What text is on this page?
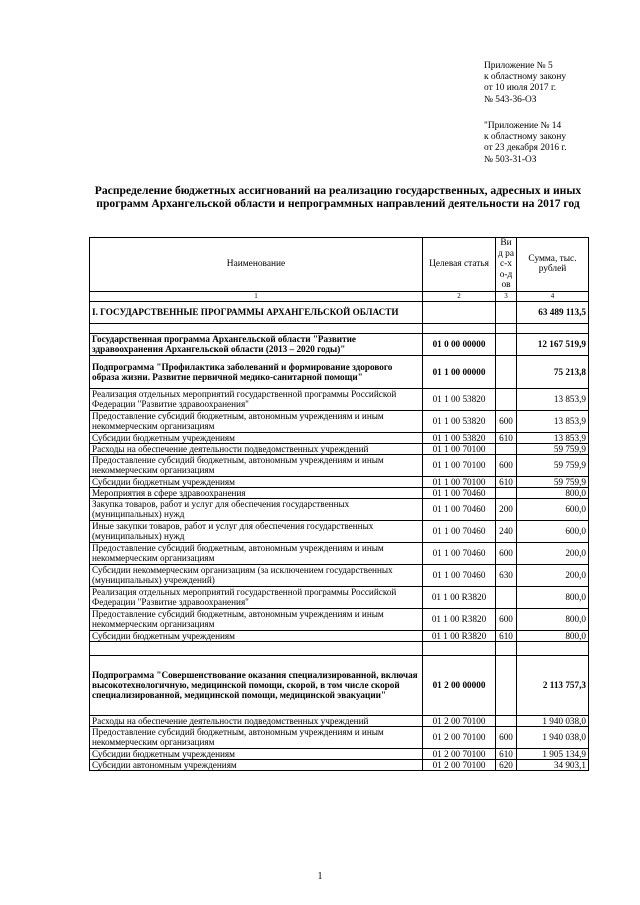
Приложение № 5
к областному закону
от 10 июля 2017 г.
№ 543-36-ОЗ
"Приложение № 14
к областному закону
от 23 декабря 2016 г.
№ 503-31-ОЗ
Распределение бюджетных ассигнований на реализацию государственных, адресных и иных программ Архангельской области и непрограммных направлений деятельности на 2017 год
Наименование	Целевая статья	Вид рас-хо-дов	Сумма, тыс. рублей
1	2	3	4
I. ГОСУДАРСТВЕННЫЕ ПРОГРАММЫ АРХАНГЕЛЬСКОЙ ОБЛАСТИ			63 489 113,5

Государственная программа Архангельской области "Развитие здравоохранения Архангельской области (2013 – 2020 годы)"	01 0 00 00000		12 167 519,9
Подпрограмма "Профилактика заболеваний и формирование здорового образа жизни. Развитие первичной медико-санитарной помощи"	01 1 00 00000		75 213,8
Реализация отдельных мероприятий государственной программы Российской Федерации "Развитие здравоохранения"	01 1 00 53820		13 853,9
Предоставление субсидий бюджетным, автономным учреждениям и иным некоммерческим организациям	01 1 00 53820	600	13 853,9
Субсидии бюджетным учреждениям	01 1 00 53820	610	13 853,9
Расходы на обеспечение деятельности подведомственных учреждений	01 1 00 70100		59 759,9
Предоставление субсидий бюджетным, автономным учреждениям и иным некоммерческим организациям	01 1 00 70100	600	59 759,9
Субсидии бюджетным учреждениям	01 1 00 70100	610	59 759,9
Мероприятия в сфере здравоохранения	01 1 00 70460		800,0
Закупка товаров, работ и услуг для обеспечения государственных (муниципальных) нужд	01 1 00 70460	200	600,0
Иные закупки товаров, работ и услуг для обеспечения государственных (муниципальных) нужд	01 1 00 70460	240	600,0
Предоставление субсидий бюджетным, автономным учреждениям и иным некоммерческим организациям	01 1 00 70460	600	200,0
Субсидии некоммерческим организациям (за исключением государственных (муниципальных) учреждений)	01 1 00 70460	630	200,0
Реализация отдельных мероприятий государственной программы Российской Федерации "Развитие здравоохранения"	01 1 00 R3820		800,0
Предоставление субсидий бюджетным, автономным учреждениям и иным некоммерческим организациям	01 1 00 R3820	600	800,0
Субсидии бюджетным учреждениям	01 1 00 R3820	610	800,0

Подпрограмма "Совершенствование оказания специализированной, включая высокотехнологичную, медицинской помощи, скорой, в том числе скорой специализированной, медицинской помощи, медицинской эвакуации"	01 2 00 00000		2 113 757,3
Расходы на обеспечение деятельности подведомственных учреждений	01 2 00 70100		1 940 038,0
Предоставление субсидий бюджетным, автономным учреждениям и иным некоммерческим организациям	01 2 00 70100	600	1 940 038,0
Субсидии бюджетным учреждениям	01 2 00 70100	610	1 905 134,9
Субсидии автономным учреждениям	01 2 00 70100	620	34 903,1
1
